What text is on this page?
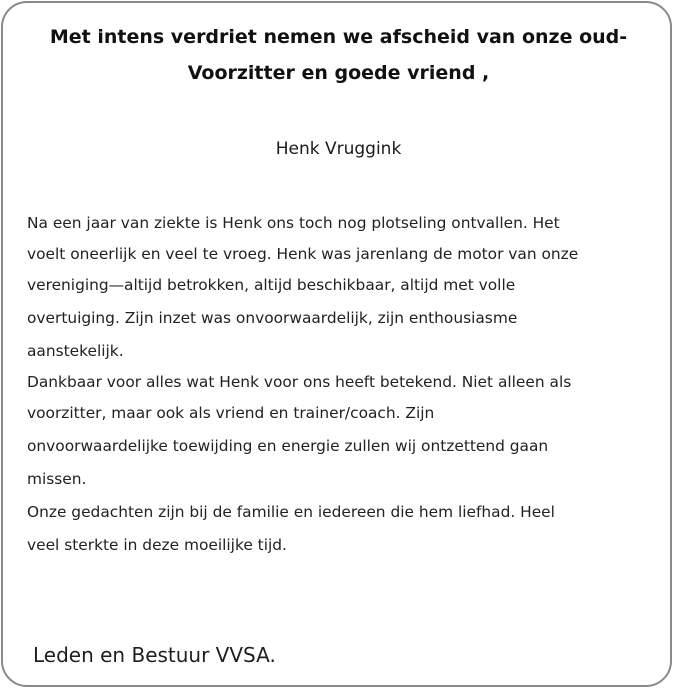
Met intens verdriet nemen we afscheid van onze oud-
Voorzitter en goede vriend ,
Henk Vruggink
Na een jaar van ziekte is Henk ons toch nog plotseling ontvallen. Het
voelt oneerlijk en veel te vroeg. Henk was jarenlang de motor van onze
vereniging—altijd betrokken, altijd beschikbaar, altijd met volle
overtuiging. Zijn inzet was onvoorwaardelijk, zijn enthousiasme
aanstekelijk.
Dankbaar voor alles wat Henk voor ons heeft betekend. Niet alleen als
voorzitter, maar ook als vriend en trainer/coach. Zijn
onvoorwaardelijke toewijding en energie zullen wij ontzettend gaan
missen.
Onze gedachten zijn bij de familie en iedereen die hem liefhad. Heel
veel sterkte in deze moeilijke tijd.
Leden en Bestuur VVSA.
